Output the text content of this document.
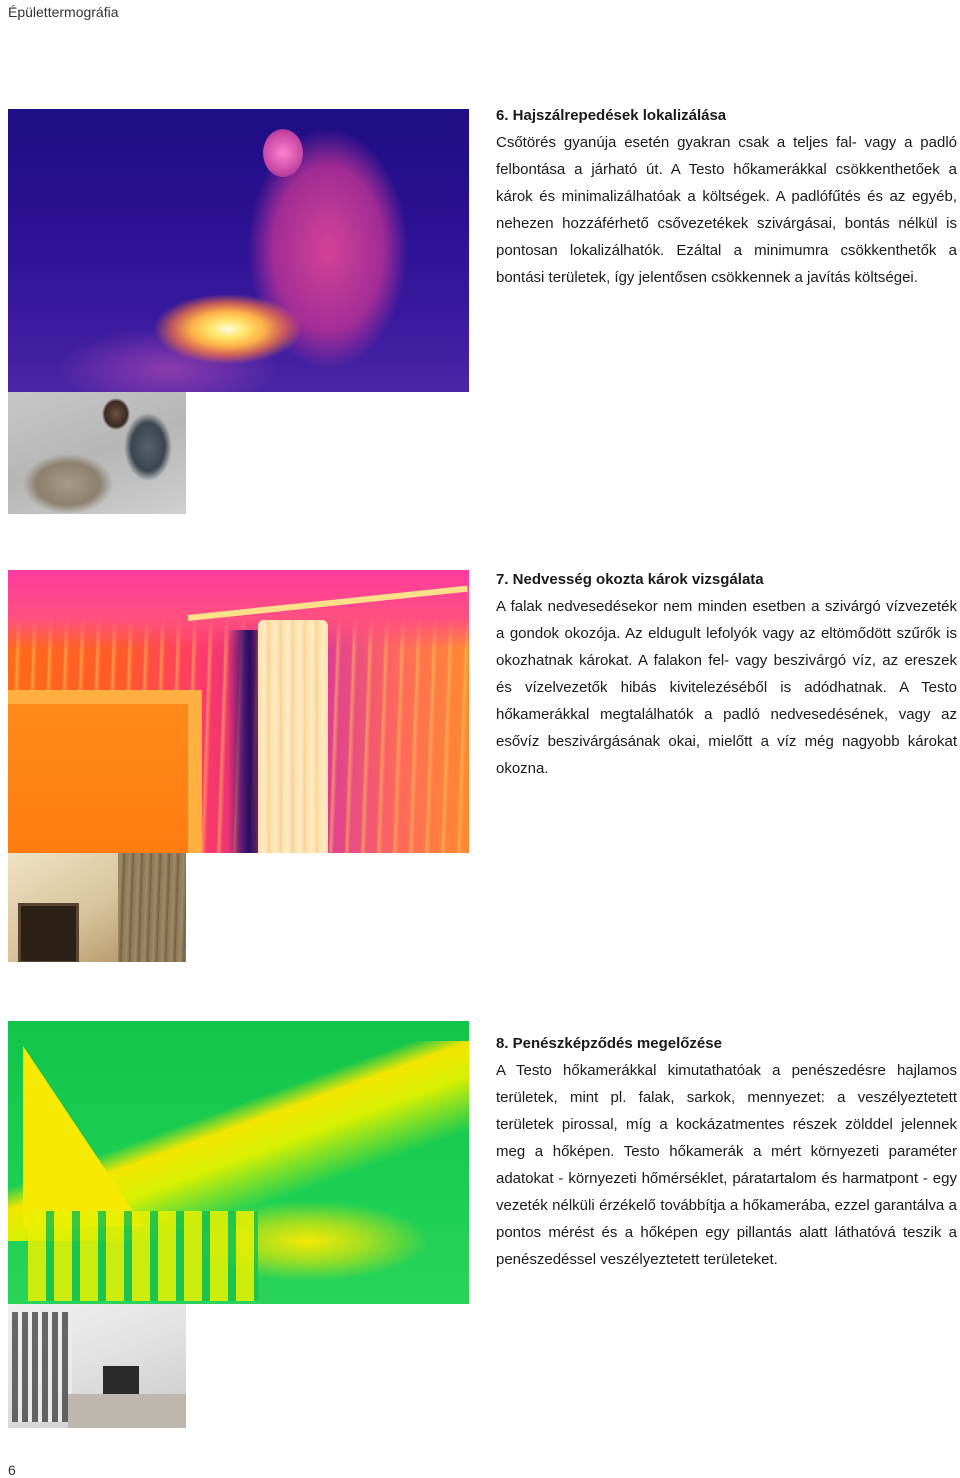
Épülettermográfia
6. Hajszálrepedések lokalizálása

Csőtörés gyanúja esetén gyakran csak a teljes fal- vagy a padló felbontása a járható út. A Testo hőkamerákkal csökkenthetőek a károk és minimalizálhatóak a költségek. A padlófűtés és az egyéb, nehezen hozzáférhető csővezetékek szivárgásai, bontás nélkül is pontosan lokalizálhatók. Ezáltal a minimumra csökkenthetők a bontási területek, így jelentősen csökkennek a javítás költségei.

7. Nedvesség okozta károk vizsgálata

A falak nedvesedésekor nem minden esetben a szivárgó vízvezeték a gondok okozója. Az eldugult lefolyók vagy az eltömődött szűrők is okozhatnak károkat. A falakon fel- vagy beszivárgó víz, az ereszek és vízelvezetők hibás kivitelezéséből is adódhatnak. A Testo hőkamerákkal megtalálhatók a padló nedvesedésének, vagy az esővíz beszivárgásának okai, mielőtt a víz még nagyobb károkat okozna.

8. Penészképződés megelőzése

A Testo hőkamerákkal kimutathatóak a penészedésre hajlamos területek, mint pl. falak, sarkok, mennyezet: a veszélyeztetett területek pirossal, míg a kockázatmentes részek zölddel jelennek meg a hőképen. Testo hőkamerák a mért környezeti paraméter adatokat - környezeti hőmérséklet, páratartalom és harmatpont - egy vezeték nélküli érzékelő továbbítja a hőkamerába, ezzel garantálva a pontos mérést és a hőképen egy pillantás alatt láthatóvá teszik a penészedéssel veszélyeztetett területeket.

6
